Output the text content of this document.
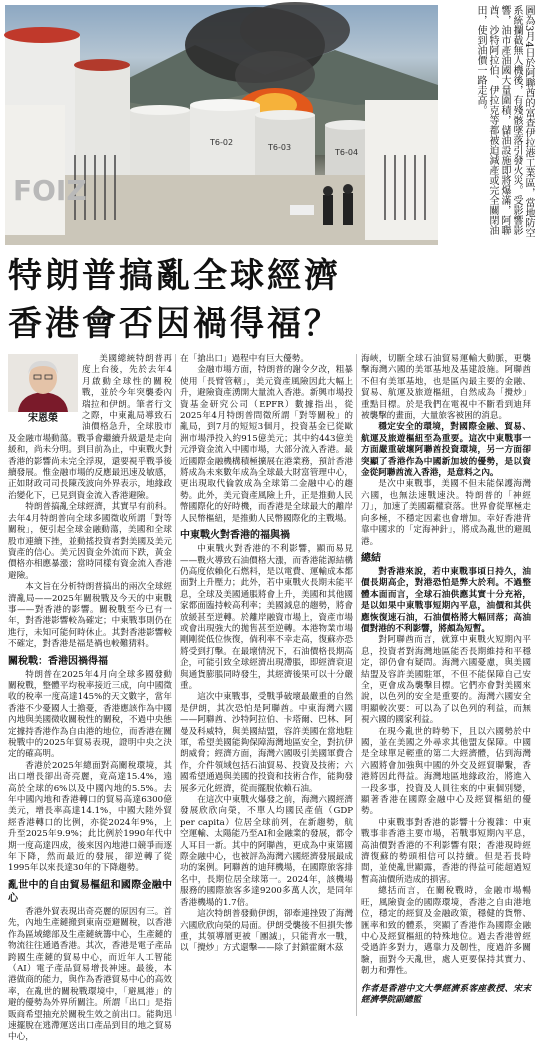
T6-02
T6-03
T6-04
FOIZ	圖為3月4日於阿聯酋的富查伊拉港工業區，當地防空系統攔截無人機後，有殘骸墜落引發火災。受影響影響，油市產油國大量圍積，儲油設施即將爆滿，阿聯酋、沙特阿拉伯、伊拉克等都被迫減產或完全關閉油田，使到油價一路走高。
特朗普搞亂全球經濟
香港會否因禍得福？
宋恩榮

美國總統特朗普再度上台後，先於去年4月啟動全球性的關稅戰，並於今年突襲委內瑞拉和伊朗。筆者行文之際，中東亂局導致石油價格急升，全球股市及金融市場動蕩。戰爭會繼續升級還是走向緩和，尚未分明。到目前為止，中東戰火對香港的影響尚未完全浮現，還要視乎戰爭後續發展。惟金融市場的反應最迅速及敏感，正如財政司司長陳茂波向外界表示，地緣政治變化下，已見到資金流入香港避險。

特朗普搞亂全球經濟，其實早有前科。去年4月特朗普向全球多國徵收所謂「對等關稅」，便引起全球金融動蕩，美國和全球股市連續下挫，並動搖投資者對美國及美元資產的信心。美元因資金外流而下跌，黃金價格亦相應暴漲；當時同樣有資金流入香港避險。

本文旨在分析特朗普搞出的兩次全球經濟亂局——2025年關稅戰及今天的中東戰事——對香港的影響。關稅戰至今已有一年，對香港影響較為確定；中東戰事則仍在進行，未知可能何時休止。其對香港影響較不確定，對香港是福是禍也較難猜料。

關稅戰：香港因禍得福

特朗普在2025年4月向全球多國發動關稅戰，整體平均稅率接近三成，向中國徵收的稅率一度高達145%的天文數字，當年香港不少憂國人士擔憂，香港應該作為中國內地與美國微收關稅性的關稅，不過中央態定據持香港作為自由港的地位，而香港在關稅戰中的2025年貿易表現，證明中央之決定的確高明。

香港於2025年總面對高關稅環境，其出口增長卻出奇亮麗，竟高達15.4%，遠高於全球的6%以及中國內地的5.5%。去年中國內地和香港轉口的貿易高達6300億美元，增長率高達14.1%，中國大陸外貿經香港轉口的比例，亦從2024年9%，上升至2025年9.9%；此比例於1990年代中期一度高達四成，後來因內地港口競爭而逐年下降，然而最近的發展，卻逆轉了從1995年以來長達30年的下降趨勢。

亂世中的自由貿易樞紐和國際金融中心

香港外貿表現出奇亮麗的原因有三。首先，內地生產鏈搬到東南亞避關稅，以香港作為區域總部及生產鏈統籌中心，生產鏈的物流往往通過香港。其次，香港是電子產品跨國生產鏈的貿易中心，而近年人工智能（AI）電子產品貿易增長神速。最後，本港做商的能力，與作為香港貿易中心的高效率，在亂世的關稅戰環境中，「避風港」的避的優勢為外界所關注。所謂「出口」是指販商希望抽充於關稅生效之前出口。能夠迅速擺脫在逃滯運送出口產品到目的地之貿易中心，

在「搶出口」過程中有巨大優勢。

金融市場方面，特朗普的謝令夕改，粗暴使用「長臂管轄」，美元資產風險因此大幅上升，避險資產湧開大量流入香港。新興市場投資基金研究公司（EPFR）數據指出，從2025年4月特朗普問徵所謂「對等關稅」的亂局，到7月的短短3個月，投資基金已從歐洲市場淨投入約915億美元；其中約443億美元淨資金流入中國市場，大部分流入香港。最近國際金融機構積極擴展在港業務，預計香港將成為未來數年成為全球最大財富管理中心，更出現取代倫敦成為全球第二金融中心的趨勢。此外，美元資產風險上升，正是推動人民幣國際化的好時機，而香港是全球最大的離岸人民幣樞紐，是推動人民幣國際化的主戰場。

中東戰火對香港的福與禍

中東戰火對香港的不利影響，顯而易見——戰火導致石油價格大漲，而香港能源結構仍高度依賴化石燃料，是以電費、運輸成本都面對上升壓力；此外，若中東戰火長期未能平息，全球及美國通脹將會上升，美國和其他國家都面臨持較高利率；美國減息的趨勢，將會放緩甚至逆轉。於離岸融資市場上，資產市場或會出現強大的拋售甚至逆轉。本港物業市場剛剛從低位恢復，倘利率不幸走高，復蘇亦恐將受到打擊。在最壞情況下，石油價格長期高企，可能引致全球經濟出現滯脹，即經濟衰退與通貨膨脹同時發生，其經濟後果可以十分嚴重。

這次中東戰事，受戰爭破壞最嚴重的自然是伊朗，其次恐怕是阿聯酋。中東海灣六國——阿聯酋、沙特阿拉伯、卡塔爾、巴林、阿曼及科威特，與美國結盟，容許美國在當地駐軍，希望美國能夠保障海灣地區安全，對抗伊朗威脅；經濟方面，海灣六國吸引美國軍費合作，介件領域包括石油貿易、投資及技術；六國希望通過與美國的投資和技術合作，能夠發展多元化經濟，從而擺脫依賴石油。

在這次中東戰火爆發之前，海灣六國經濟發展欣欣向榮，不單人均國民產值（GDP per capita）位居全球前列，在新趨勢，航空運輸、太陽能乃至AI和金融業的發展，都令人耳目一新。其中的阿聯酋，更成為中東第國際金融中心，也被評為海灣六國經濟發展最成功的案例。阿聯酋的迪拜機場，在國際旅客排名中，長期位居全球第一。2024年，該機場服務的國際旅客多達9200多萬人次，是同年香港機場的1.7倍。

這次特朗普發動伊朗，卻牽連挫毀了海灣六國欣欣向榮的局面。伊朗受襲後不但損失慘重，其領導層更被「團滅」，只能背水一戰，以「攪炒」方式還擊——除了封鎖霍爾木茲

海峽，切斷全球石油貿易運輸大動脈，更襲擊海灣六國的美軍基地及基建設施。阿聯酋不但有美軍基地，也是區內最主要的金融、貿易、航運及旅遊樞紐，自然成為「攪炒」重點目標。於是我們在電視中不斷看到迪拜被襲擊的畫面，大量旅客被困的消息。

穩定安全的環境，對國際金融、貿易、航運及旅遊樞紐至為重要。這次中東戰事一方面嚴重破壞阿聯酋投資環境，另一方面卻突顯了香港作為中國新加坡的優勢，是以資金從阿聯酋流入香港，是意料之內。

是次中東戰事，美國不但未能保護海灣六國，也無法速戰速決。特朗普的「神經刀」，加速了美國霸權衰落。世界會從單極走向多極，不穩定因素也會增加。幸好香港背靠中國求的「定海神針」，將成為亂世的避風港。

總結

對香港來說，若中東戰事頃日持久，油價長期高企，對港恐怕是弊大於利。不過整體本面而言，全球石油供應其實十分充裕，是以如果中東戰事短期內平息，油價和其供應恢復速石油，石油價格將大幅回落；高油價對港的不利影響，將頗為短暫。

對阿聯酋而言，就算中東戰火短期內平息，投資者對海灣地區能否長期維持和平穩定，卻仍會有疑問。海灣六國憂慮，與美國結盟及容許美國駐軍，不但不能保障自己安全，更會成為襲擊目標。它們亦會對美國來說，以色列的安全是重要的。海灣六國安全明顯較次要：可以為了以色列的利益，而無視六國的國家利益。

在現今亂世的時勢下，且以六國勢於中國，並在美國之外尋求其他盟友保障。中國是全球單足輕重的第二大經濟體，佔到海灣六國將會加強與中國的外交及經貿聯繫，香港將因此得益。海灣地區地緣政治，將進入一段多事，投資及人員往來的中東個別變，顯著香港在國際金融中心及經貿樞紐的優勢。

中東戰事對香港的影響十分複雜：中東戰事非香港主要市場，若戰事短期內平息，高油價對香港的不利影響有限；香港現時經濟復蘇的勢頭相信可以持續。但是若長時間，並使亂世顯露，香港的得益可能超過短暫高油價所造成的損害。

總括而言，在關稅戰時，金融市場暢旺，風險資金的國際環境，香港之自由港地位，穩定的經貿及金融政策，穩健的貨幣、匯率和致的體系，突顯了香港作為國際金融中心及經貿樞紐的特殊地位。過去香港曾經受過許多對力，邁靠力及韌性，度過許多關驗，面對今天亂世，處人更要保持其實力、韌力和彈性。

作者是香港中文大學經濟系客座教授、宋末經濟學院副總監
